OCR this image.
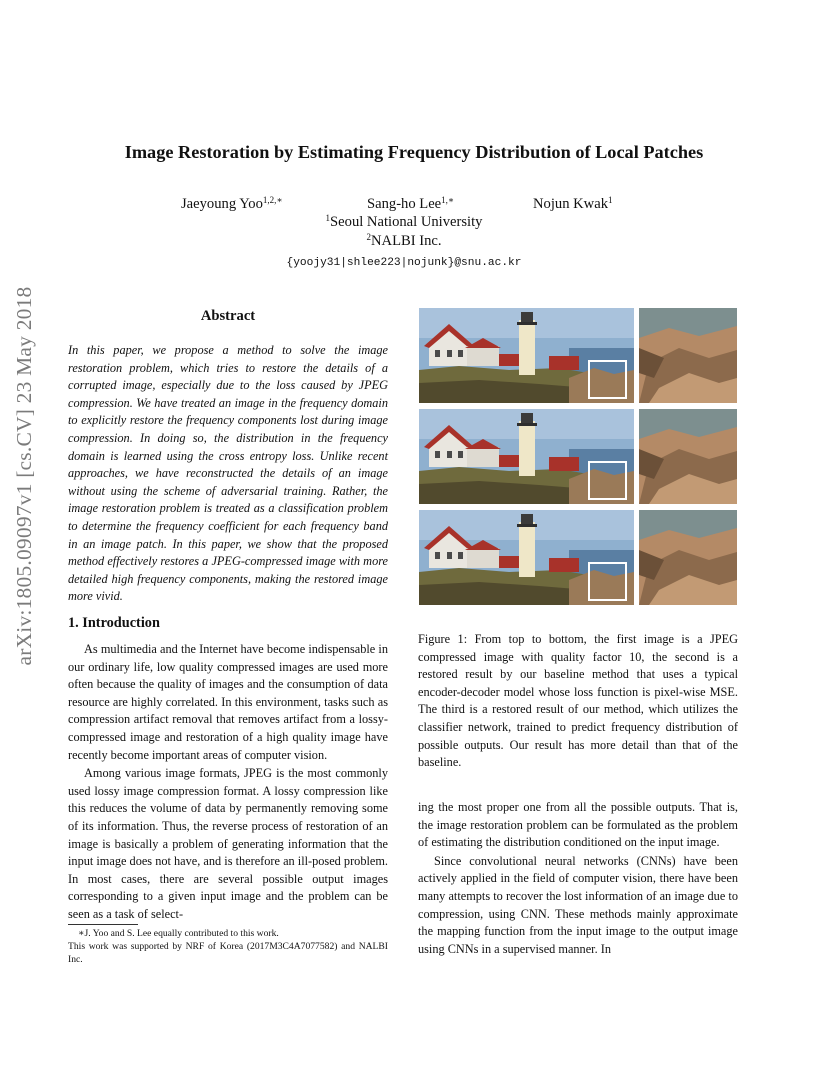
arXiv:1805.09097v1 [cs.CV] 23 May 2018
Image Restoration by Estimating Frequency Distribution of Local Patches
Jaeyoung Yoo$^{1,2,∗}$	Sang-ho Lee$^{1,∗}$	Nojun Kwak$^1$
$^1$Seoul National University
$^2$NALBI Inc.
{yoojy31|shlee223|nojunk}@snu.ac.kr
Abstract
In this paper, we propose a method to solve the image restoration problem, which tries to restore the details of a corrupted image, especially due to the loss caused by JPEG compression. We have treated an image in the frequency domain to explicitly restore the frequency components lost during image compression. In doing so, the distribution in the frequency domain is learned using the cross entropy loss. Unlike recent approaches, we have reconstructed the details of an image without using the scheme of adversarial training. Rather, the image restoration problem is treated as a classification problem to determine the frequency coefficient for each frequency band in an image patch. In this paper, we show that the proposed method effectively restores a JPEG-compressed image with more detailed high frequency components, making the restored image more vivid.
1. Introduction

As multimedia and the Internet have become indispensable in our ordinary life, low quality compressed images are used more often because the quality of images and the consumption of data resource are highly correlated. In this environment, tasks such as compression artifact removal that removes artifact from a lossy-compressed image and restoration of a high quality image have recently become important areas of computer vision.

Among various image formats, JPEG is the most commonly used lossy image compression format. A lossy compression like this reduces the volume of data by permanently removing some of its information. Thus, the reverse process of restoration of an image is basically a problem of generating information that the input image does not have, and is therefore an ill-posed problem. In most cases, there are several possible output images corresponding to a given input image and the problem can be seen as a task of select-

∗J. Yoo and S. Lee equally contributed to this work.
This work was supported by NRF of Korea (2017M3C4A7077582) and NALBI Inc.
Figure 1: From top to bottom, the first image is a JPEG compressed image with quality factor 10, the second is a restored result by our baseline method that uses a typical encoder-decoder model whose loss function is pixel-wise MSE. The third is a restored result of our method, which utilizes the classifier network, trained to predict frequency distribution of possible outputs. Our result has more detail than that of the baseline.

ing the most proper one from all the possible outputs. That is, the image restoration problem can be formulated as the problem of estimating the distribution conditioned on the input image.

Since convolutional neural networks (CNNs) have been actively applied in the field of computer vision, there have been many attempts to recover the lost information of an image due to compression, using CNN. These methods mainly approximate the mapping function from the input image to the output image using CNNs in a supervised manner. In
